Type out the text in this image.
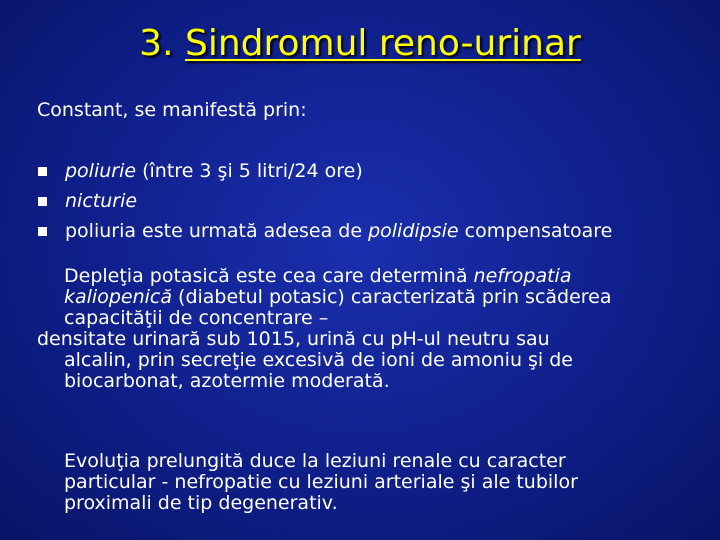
3. Sindromul reno-urinar
Constant, se manifestă prin:
poliurie (între 3 şi 5 litri/24 ore)
nicturie
poliuria este urmată adesea de polidipsie compensatoare
Depleţia potasică este cea care determină nefropatia
kaliopenică (diabetul potasic) caracterizată prin scăderea
capacităţii de concentrare –
densitate urinară sub 1015, urină cu pH-ul neutru sau
alcalin, prin secreţie excesivă de ioni de amoniu şi de
biocarbonat, azotermie moderată.
Evoluţia prelungită duce la leziuni renale cu caracter
particular - nefropatie cu leziuni arteriale şi ale tubilor
proximali de tip degenerativ.
